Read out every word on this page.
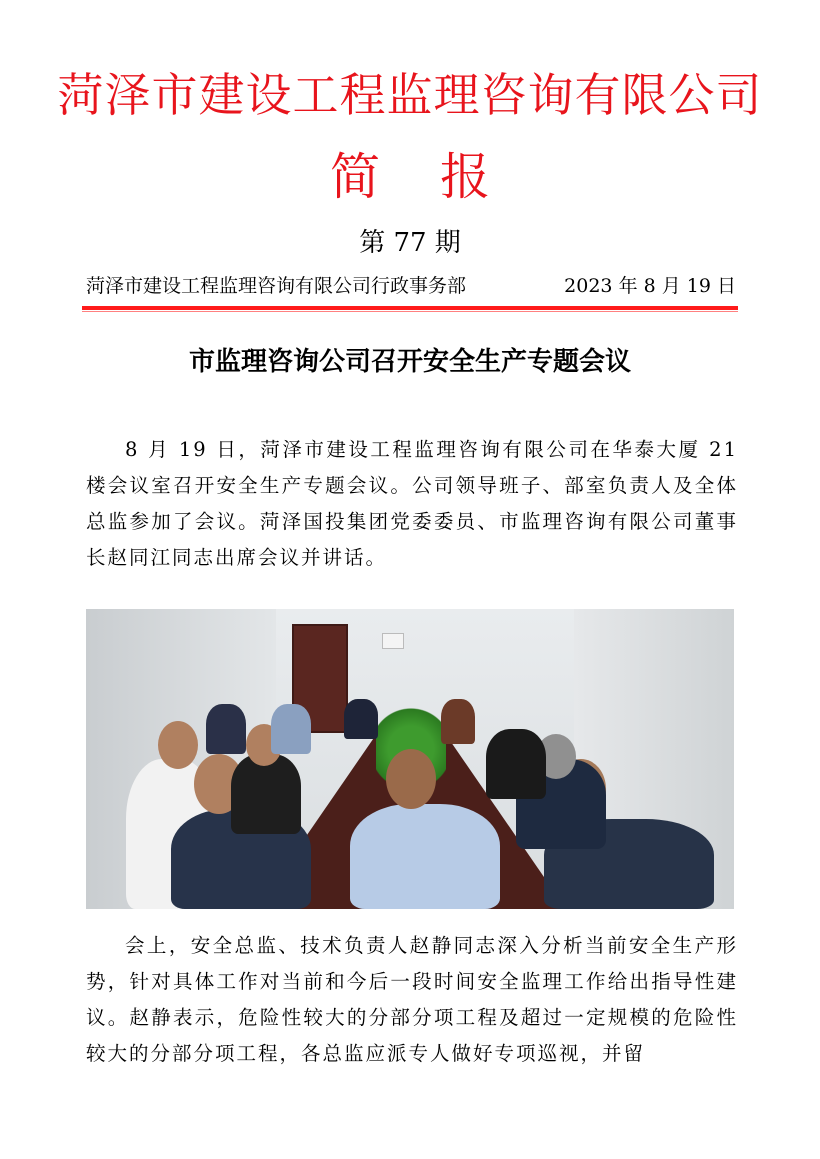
菏泽市建设工程监理咨询有限公司
简 报
第 77 期
菏泽市建设工程监理咨询有限公司行政事务部	2023 年 8 月 19 日
市监理咨询公司召开安全生产专题会议

8 月 19 日，菏泽市建设工程监理咨询有限公司在华泰大厦 21 楼会议室召开安全生产专题会议。公司领导班子、部室负责人及全体总监参加了会议。菏泽国投集团党委委员、市监理咨询有限公司董事长赵同江同志出席会议并讲话。

会上，安全总监、技术负责人赵静同志深入分析当前安全生产形势，针对具体工作对当前和今后一段时间安全监理工作给出指导性建议。赵静表示，危险性较大的分部分项工程及超过一定规模的危险性较大的分部分项工程，各总监应派专人做好专项巡视，并留
